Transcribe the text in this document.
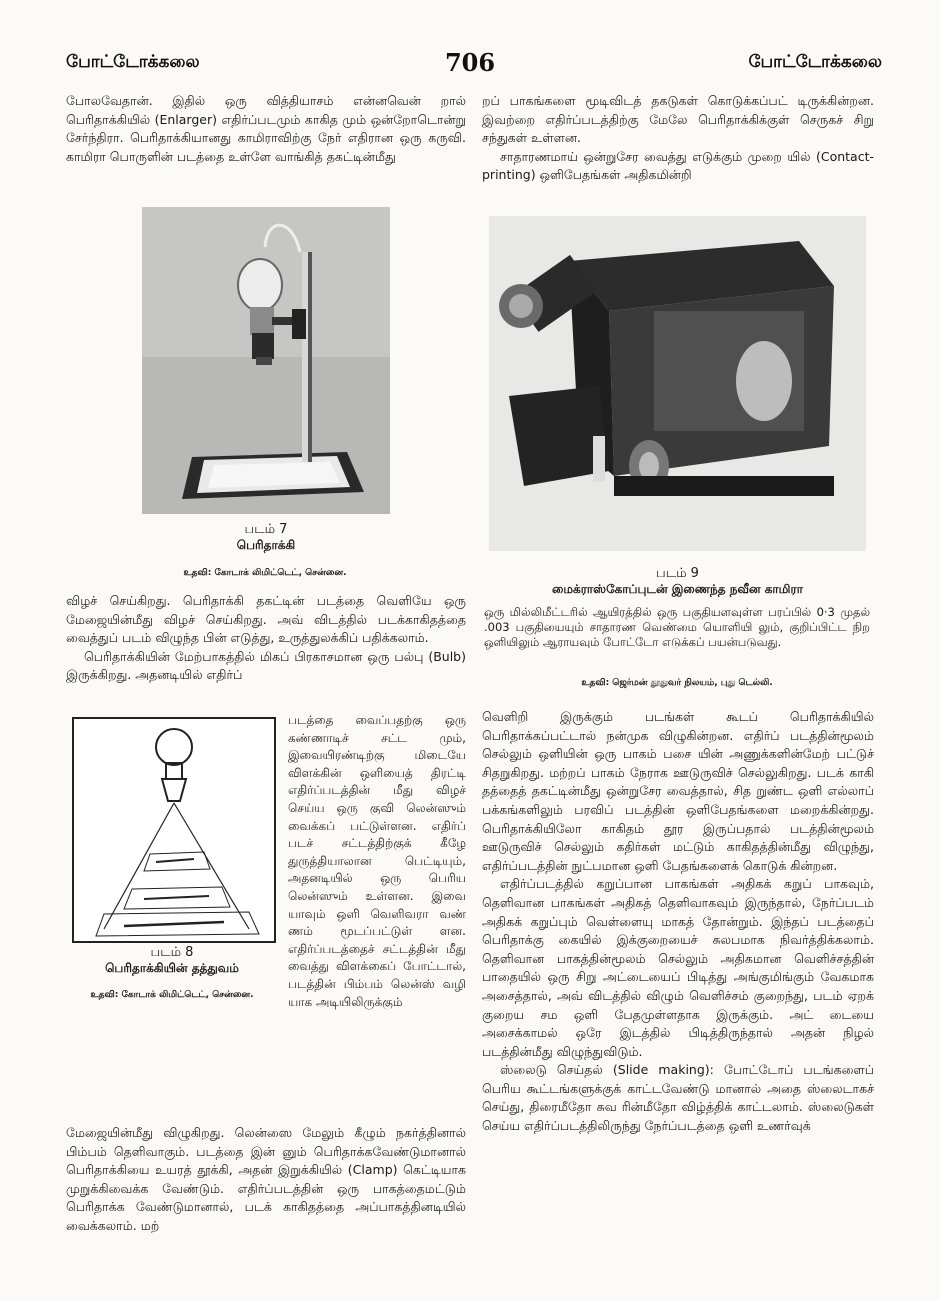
போட்டோக்கலை	706	போட்டோக்கலை

போலவேதான். இதில் ஒரு வித்தியாசம் என்னவென் றால் பெரிதாக்கியில் (Enlarger) எதிர்ப்படமும் காகித மும் ஒன்றோடொன்று சேர்ந்திரா. பெரிதாக்கியானது காமிராவிற்கு நேர் எதிரான ஒரு கருவி. காமிரா பொருளின் படத்தை உள்ளே வாங்கித் தகட்டின்மீது

படம் 7
பெரிதாக்கி
உதவி: கோடாக் லிமிட்டெட், சென்னை.

விழச் செய்கிறது. பெரிதாக்கி தகட்டின் படத்தை வெளியே ஒரு மேஜையின்மீது விழச் செய்கிறது. அவ் விடத்தில் படக்காகிதத்தை வைத்துப் படம் விழுந்த பின் எடுத்து, உருத்துலக்கிப் பதிக்கலாம்.

பெரிதாக்கியின் மேற்பாகத்தில் மிகப் பிரகாசமான ஒரு பல்பு (Bulb) இருக்கிறது. அதனடியில் எதிர்ப்

படம் 8
பெரிதாக்கியின் தத்துவம்
உதவி: கோடாக் லிமிட்டெட், சென்னை.

படத்தை வைப்பதற்கு ஒரு கண்ணாடிச் சட்ட மும், இவையிரண்டிற்கு மிடையே விளக்கின் ஒளியைத் திரட்டி எதிர்ப்படத்தின் மீது விழச் செய்ய ஒரு குவி லென்ஸும் வைக்கப் பட்டுள்ளன. எதிர்ப் படச் சட்டத்திற்குக் கீழே துருத்தியாலான பெட்டியும், அதனடியில் ஒரு பெரிய லென்ஸும் உள்ளன. இவை யாவும் ஒளி வெளிவரா வண் ணம் மூடப்பட்டுள் ளன. எதிர்ப்படத்தைச் சட்டத்தின் மீது வைத்து விளக்கைப் போட்டால், படத்தின் பிம்பம் லென்ஸ் வழி யாக அடியிலிருக்கும்

மேஜையின்மீது விழுகிறது. லென்ஸை மேலும் கீழும் நகர்த்தினால் பிம்பம் தெளிவாகும். படத்தை இன் னும் பெரிதாக்கவேண்டுமானால் பெரிதாக்கியை உயரத் தூக்கி, அதன் இறுக்கியில் (Clamp) கெட்டியாக முறுக்கிவைக்க வேண்டும். எதிர்ப்படத்தின் ஒரு பாகத்தைமட்டும் பெரிதாக்க வேண்டுமானால், படக் காகிதத்தை அப்பாகத்தினடியில் வைக்கலாம். மற்

றப் பாகங்களை மூடிவிடத் தகடுகள் கொடுக்கப்பட் டிருக்கின்றன. இவற்றை எதிர்ப்படத்திற்கு மேலே பெரிதாக்கிக்குள் செருகச் சிறு சந்துகள் உள்ளன.

சாதாரணமாய் ஒன்றுசேர வைத்து எடுக்கும் முறை யில் (Contact-printing) ஒளிபேதங்கள் அதிகமின்றி

படம் 9
மைக்ராஸ்கோப்புடன் இணைந்த நவீன காமிரா
ஒரு மில்லிமீட்டரில் ஆயிரத்தில் ஒரு பகுதியளவுள்ள பரப்பில் 0·3 முதல் .003 பகுதியையும் சாதாரண வெண்மை யொளியி லும், குறிப்பிட்ட நிற ஒளியிலும் ஆராயவும் போட்டோ எடுக்கப் பயன்படுவது.
உதவி: ஜெர்மன் தூதுவர் நிலயம், புது டெல்லி.

வெளிறி இருக்கும் படங்கள் கூடப் பெரிதாக்கியில் பெரிதாக்கப்பட்டால் நன்முக விழுகின்றன. எதிர்ப் படத்தின்மூலம் செல்லும் ஒளியின் ஒரு பாகம் பசை யின் அணுக்களின்மேற் பட்டுச் சிதறுகிறது. மற்றப் பாகம் நேராக ஊடுருவிச் செல்லுகிறது. படக் காகி தத்தைத் தகட்டின்மீது ஒன்றுசேர வைத்தால், சித றுண்ட ஒளி எல்லாப் பக்கங்களிலும் பரவிப் படத்தின் ஒளிபேதங்களை மறைக்கின்றது. பெரிதாக்கியிலோ காகிதம் தூர இருப்பதால் படத்தின்மூலம் ஊடுருவிச் செல்லும் கதிர்கள் மட்டும் காகிதத்தின்மீது விழுந்து, எதிர்ப்படத்தின் நுட்பமான ஒளி பேதங்களைக் கொடுக் கின்றன.

எதிர்ப்படத்தில் கறுப்பான பாகங்கள் அதிகக் கறுப் பாகவும், தெளிவான பாகங்கள் அதிகத் தெளிவாகவும் இருந்தால், நேர்ப்படம் அதிகக் கறுப்பும் வெள்ளையு மாகத் தோன்றும். இந்தப் படத்தைப் பெரிதாக்கு கையில் இக்குறையைச் சுலபமாக நிவர்த்திக்கலாம். தெளிவான பாகத்தின்மூலம் செல்லும் அதிகமான வெளிச்சத்தின் பாதையில் ஒரு சிறு அட்டையைப் பிடித்து அங்குமிங்கும் வேகமாக அசைத்தால், அவ் விடத்தில் விழும் வெளிச்சம் குறைந்து, படம் ஏறக் குறைய சம ஒளி பேதமுள்ளதாக இருக்கும். அட் டையை அசைக்காமல் ஒரே இடத்தில் பிடித்திருந்தால் அதன் நிழல் படத்தின்மீது விழுந்துவிடும்.

ஸ்லைடு செய்தல் (Slide making): போட்டோப் படங்களைப் பெரிய கூட்டங்களுக்குக் காட்டவேண்டு மானால் அதை ஸ்லைடாகச் செய்து, திரைமீதோ சுவ ரின்மீதோ விழ்த்திக் காட்டலாம். ஸ்லைடுகள் செய்ய எதிர்ப்படத்திலிருந்து நேர்ப்படத்தை ஒளி உணர்வுக்
